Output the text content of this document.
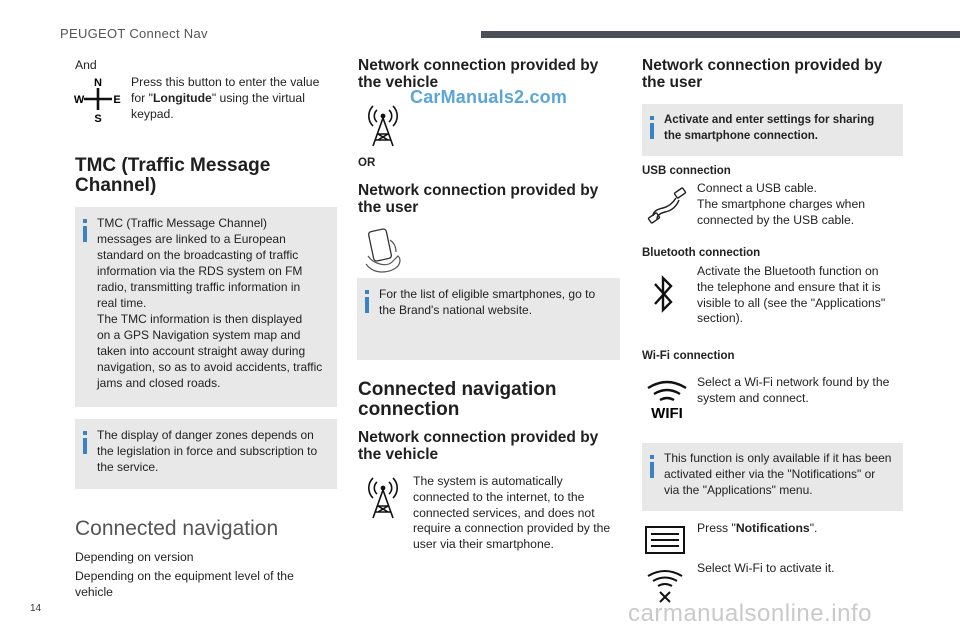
PEUGEOT Connect Nav
And
N
S
W	E
Press this button to enter the value for "Longitude" using the virtual keypad.
TMC (Traffic Message
Channel)
TMC (Traffic Message Channel)
messages are linked to a European
standard on the broadcasting of traffic
information via the RDS system on FM
radio, transmitting traffic information in
real time.
The TMC information is then displayed
on a GPS Navigation system map and
taken into account straight away during
navigation, so as to avoid accidents, traffic
jams and closed roads.
The display of danger zones depends on
the legislation in force and subscription to
the service.
Connected navigation
Depending on version
Depending on the equipment level of the
vehicle
Network connection provided by
the vehicle
CarManuals2.com
OR
Network connection provided by
the user
For the list of eligible smartphones, go to
the Brand's national website.
Connected navigation
connection
Network connection provided by
the vehicle
The system is automatically
connected to the internet, to the
connected services, and does not
require a connection provided by the
user via their smartphone.
Network connection provided by
the user
Activate and enter settings for sharing
the smartphone connection.
USB connection
Connect a USB cable.
The smartphone charges when
connected by the USB cable.
Bluetooth connection
Activate the Bluetooth function on
the telephone and ensure that it is
visible to all (see the "Applications"
section).
Wi-Fi connection
WIFI
Select a Wi-Fi network found by the
system and connect.
This function is only available if it has been
activated either via the "Notifications" or
via the "Applications" menu.
Press "Notifications".
Select Wi-Fi to activate it.
14	carmanualsonline.info
